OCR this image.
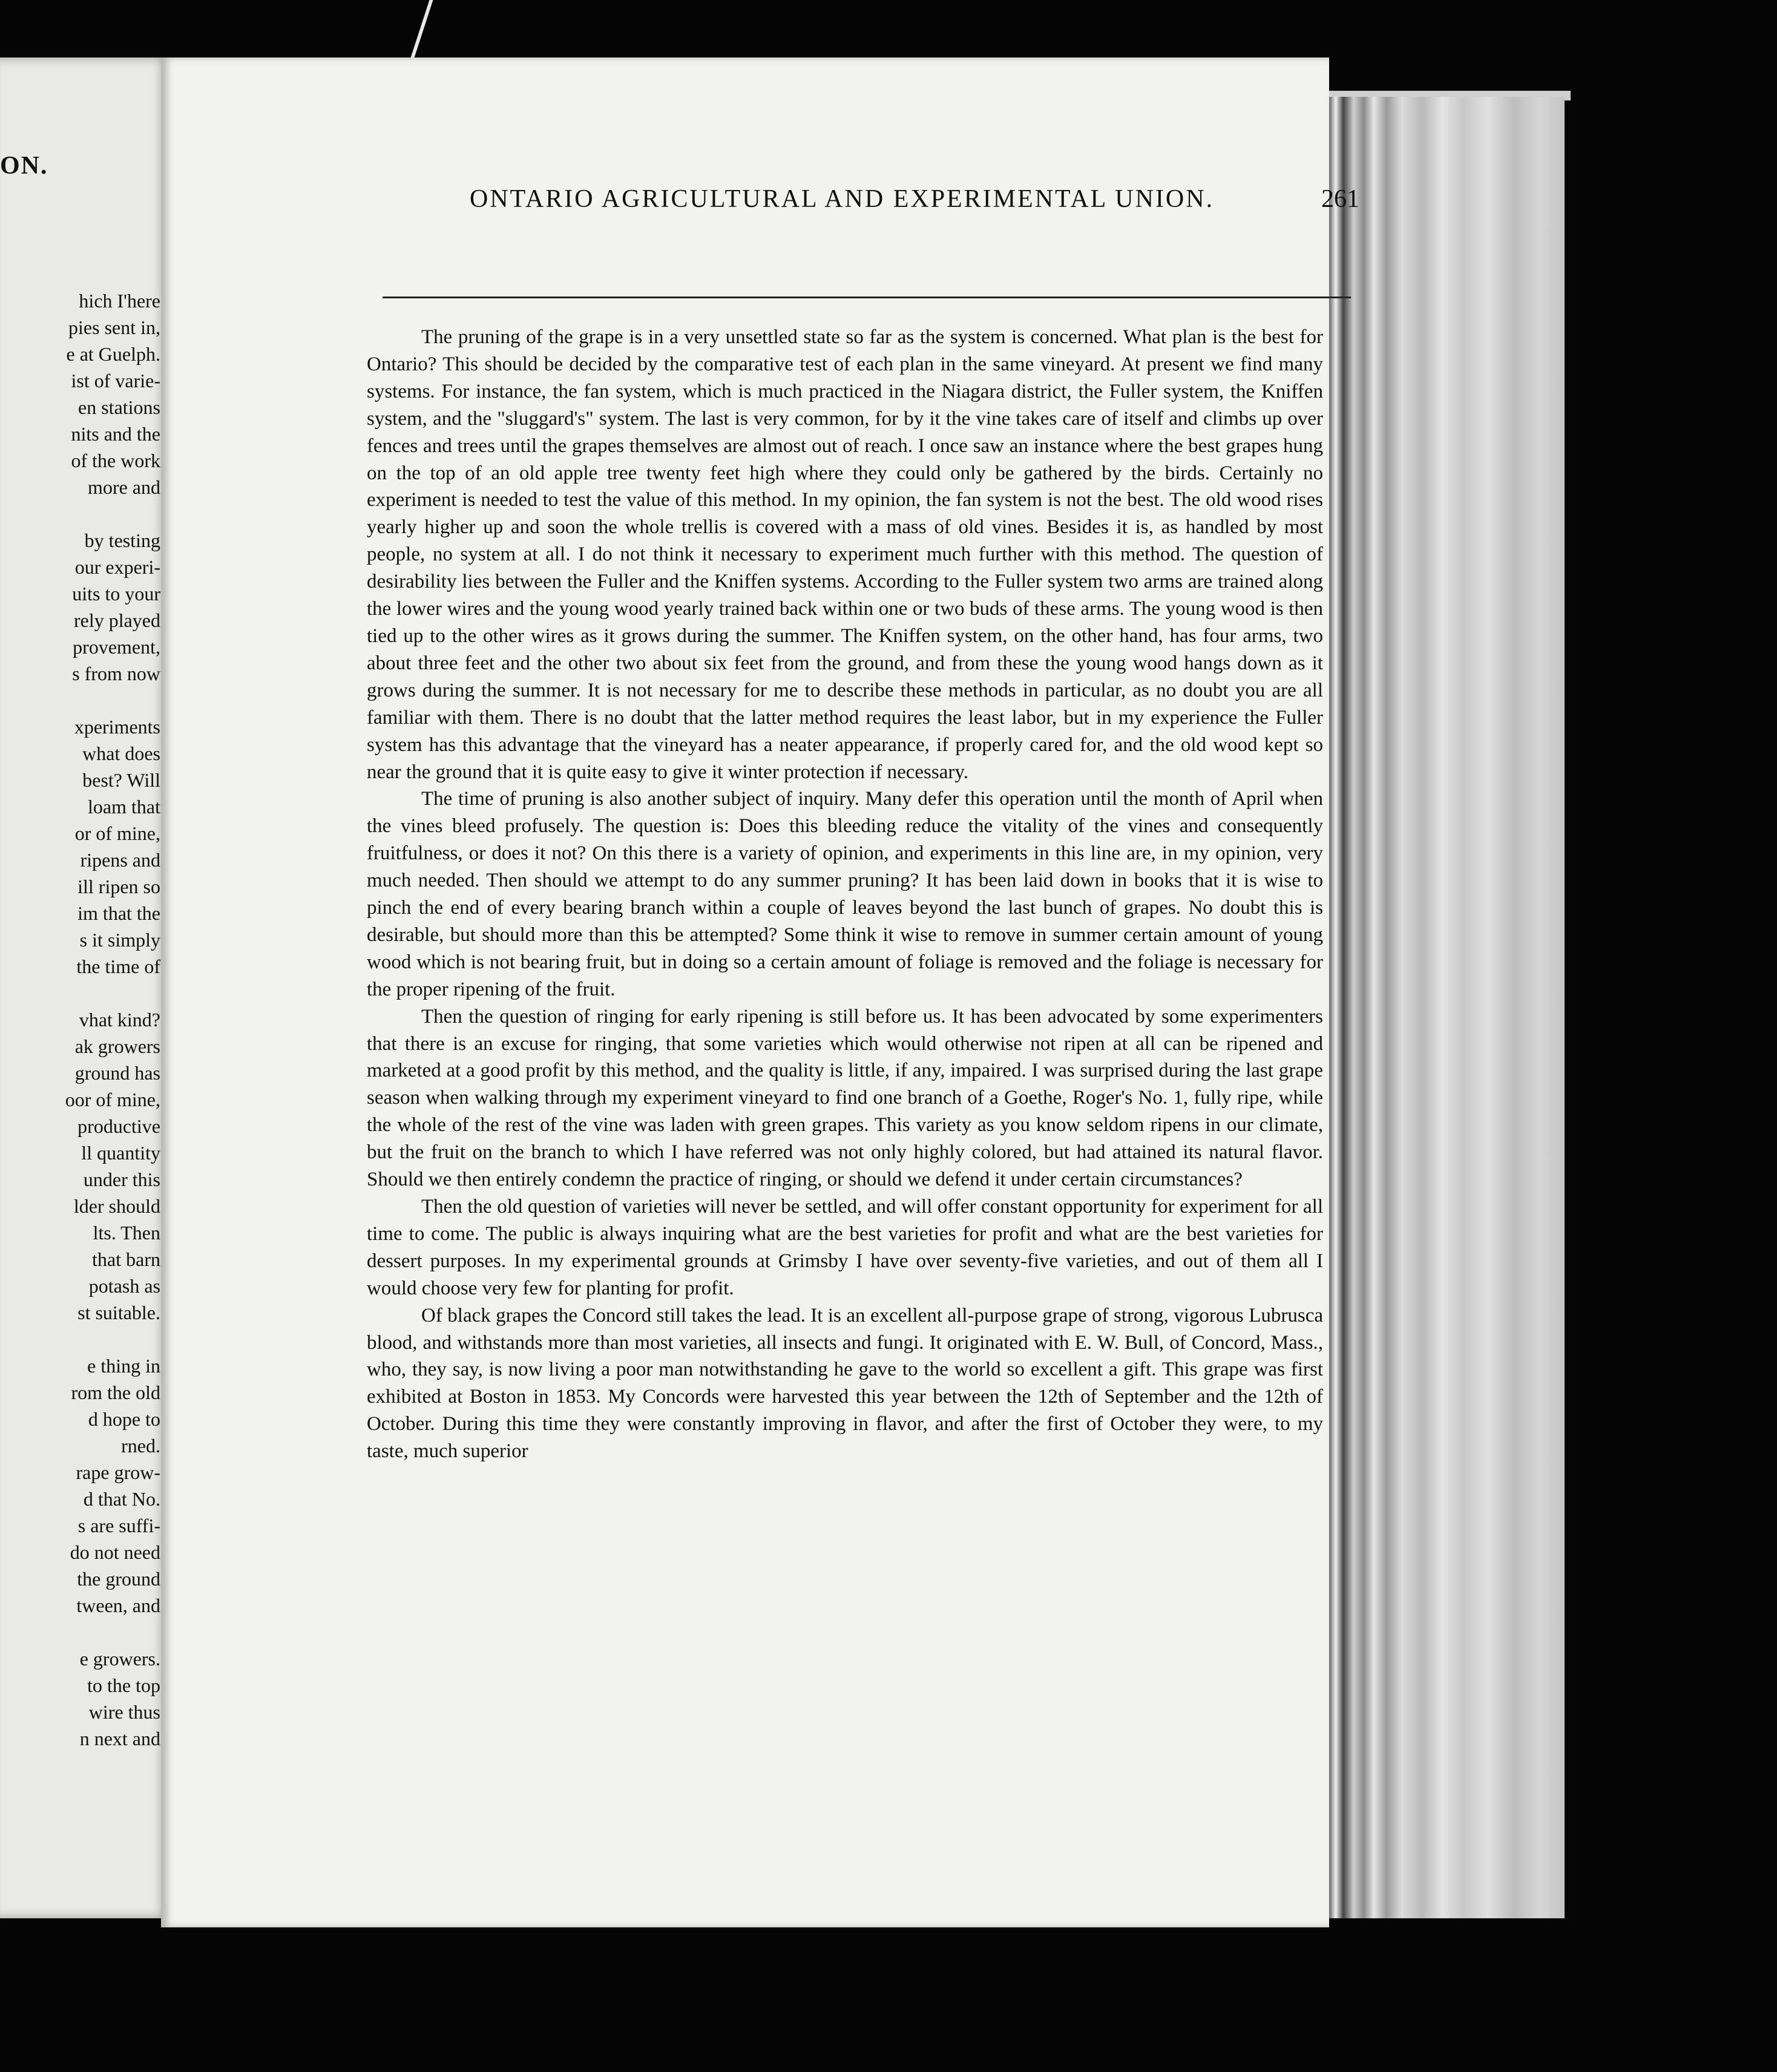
ON.
hich I'here
pies sent in,
e at Guelph.
ist of varie-
en stations
nits and the
of the work
more and
by testing
our experi-
uits to your
rely played
provement,
s from now
xperiments
what does
best? Will
loam that
or of mine,
ripens and
ill ripen so
im that the
s it simply
the time of
vhat kind?
ak growers
ground has
oor of mine,
productive
ll quantity
under this
lder should
lts. Then
that barn
potash as
st suitable.
e thing in
rom the old
d hope to
rned.
rape grow-
d that No.
s are suffi-
do not need
the ground
tween, and
e growers.
to the top
wire thus
n next and
ONTARIO AGRICULTURAL AND EXPERIMENTAL UNION.	261

The pruning of the grape is in a very unsettled state so far as the system is concerned. What plan is the best for Ontario? This should be decided by the comparative test of each plan in the same vineyard. At present we find many systems. For instance, the fan system, which is much practiced in the Niagara district, the Fuller system, the Kniffen system, and the "sluggard's" system. The last is very common, for by it the vine takes care of itself and climbs up over fences and trees until the grapes themselves are almost out of reach. I once saw an instance where the best grapes hung on the top of an old apple tree twenty feet high where they could only be gathered by the birds. Certainly no experiment is needed to test the value of this method. In my opinion, the fan system is not the best. The old wood rises yearly higher up and soon the whole trellis is covered with a mass of old vines. Besides it is, as handled by most people, no system at all. I do not think it necessary to experiment much further with this method. The question of desirability lies between the Fuller and the Kniffen systems. According to the Fuller system two arms are trained along the lower wires and the young wood yearly trained back within one or two buds of these arms. The young wood is then tied up to the other wires as it grows during the summer. The Kniffen system, on the other hand, has four arms, two about three feet and the other two about six feet from the ground, and from these the young wood hangs down as it grows during the summer. It is not necessary for me to describe these methods in particular, as no doubt you are all familiar with them. There is no doubt that the latter method requires the least labor, but in my experience the Fuller system has this advantage that the vineyard has a neater appearance, if properly cared for, and the old wood kept so near the ground that it is quite easy to give it winter protection if necessary.

The time of pruning is also another subject of inquiry. Many defer this operation until the month of April when the vines bleed profusely. The question is: Does this bleeding reduce the vitality of the vines and consequently fruitfulness, or does it not? On this there is a variety of opinion, and experiments in this line are, in my opinion, very much needed. Then should we attempt to do any summer pruning? It has been laid down in books that it is wise to pinch the end of every bearing branch within a couple of leaves beyond the last bunch of grapes. No doubt this is desirable, but should more than this be attempted? Some think it wise to remove in summer certain amount of young wood which is not bearing fruit, but in doing so a certain amount of foliage is removed and the foliage is necessary for the proper ripening of the fruit.

Then the question of ringing for early ripening is still before us. It has been advocated by some experimenters that there is an excuse for ringing, that some varieties which would otherwise not ripen at all can be ripened and marketed at a good profit by this method, and the quality is little, if any, impaired. I was surprised during the last grape season when walking through my experiment vineyard to find one branch of a Goethe, Roger's No. 1, fully ripe, while the whole of the rest of the vine was laden with green grapes. This variety as you know seldom ripens in our climate, but the fruit on the branch to which I have referred was not only highly colored, but had attained its natural flavor. Should we then entirely condemn the practice of ringing, or should we defend it under certain circumstances?

Then the old question of varieties will never be settled, and will offer constant opportunity for experiment for all time to come. The public is always inquiring what are the best varieties for profit and what are the best varieties for dessert purposes. In my experimental grounds at Grimsby I have over seventy-five varieties, and out of them all I would choose very few for planting for profit.

Of black grapes the Concord still takes the lead. It is an excellent all-purpose grape of strong, vigorous Lubrusca blood, and withstands more than most varieties, all insects and fungi. It originated with E. W. Bull, of Concord, Mass., who, they say, is now living a poor man notwithstanding he gave to the world so excellent a gift. This grape was first exhibited at Boston in 1853. My Concords were harvested this year between the 12th of September and the 12th of October. During this time they were constantly improving in flavor, and after the first of October they were, to my taste, much superior
